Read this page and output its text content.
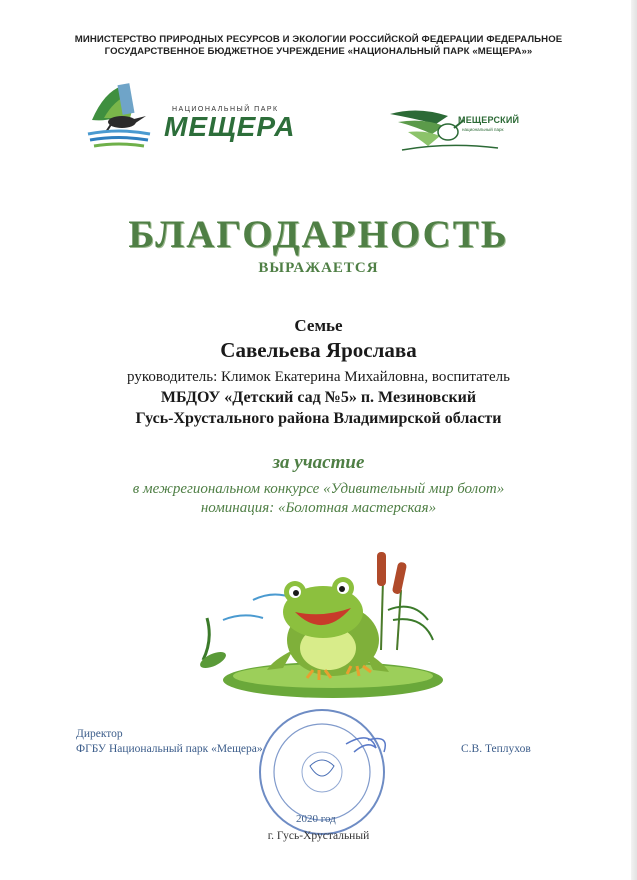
МИНИСТЕРСТВО ПРИРОДНЫХ РЕСУРСОВ И ЭКОЛОГИИ РОССИЙСКОЙ ФЕДЕРАЦИИ ФЕДЕРАЛЬНОЕ
ГОСУДАРСТВЕННОЕ БЮДЖЕТНОЕ УЧРЕЖДЕНИЕ «НАЦИОНАЛЬНЫЙ ПАРК «МЕЩЕРА»»
НАЦИОНАЛЬНЫЙ ПАРК
МЕЩЕРА	МЕЩЕРСКИЙ
национальный парк
БЛАГОДАРНОСТЬ
ВЫРАЖАЕТСЯ
Семье
Савельева Ярослава
руководитель: Климок Екатерина Михайловна, воспитатель
МБДОУ «Детский сад №5» п. Мезиновский
Гусь-Хрустального района Владимирской области
за участие
в межрегиональном конкурсе «Удивительный мир болот»
номинация: «Болотная мастерская»
Директор
ФГБУ Национальный парк «Мещера»	С.В. Теплухов
2020 год
г. Гусь-Хрустальный
